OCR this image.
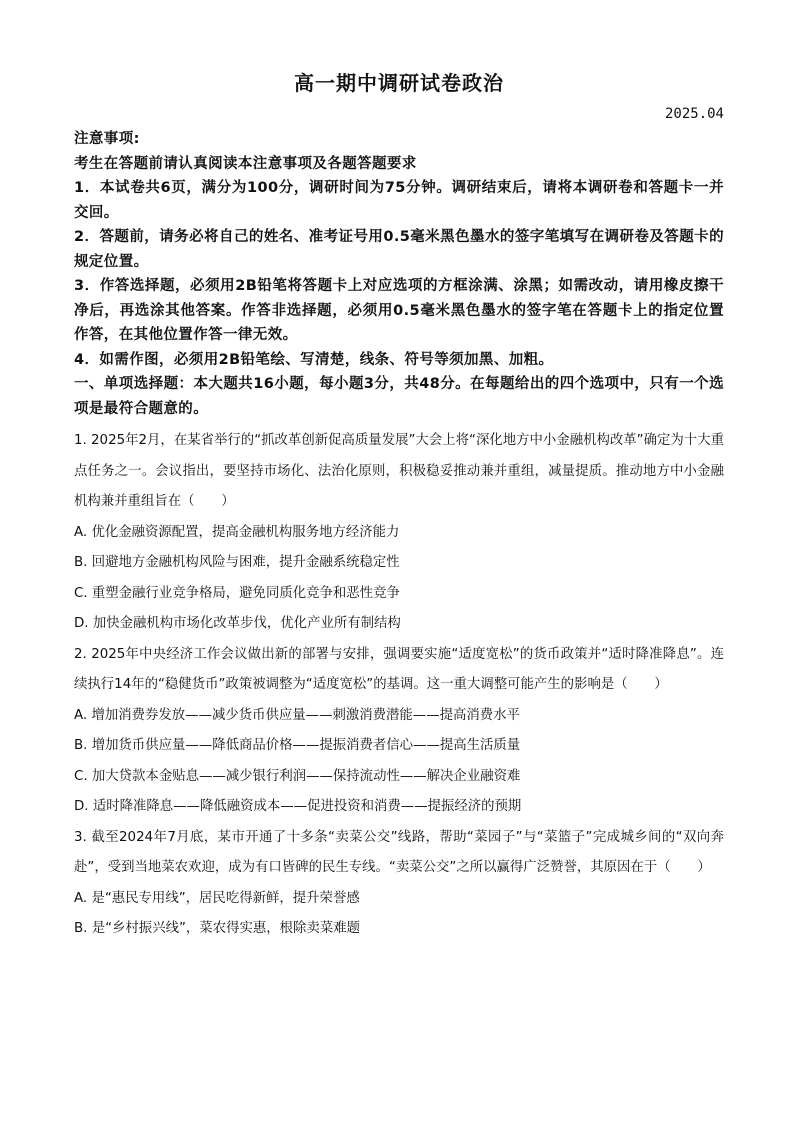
高一期中调研试卷政治
2025.04

注意事项:

考生在答题前请认真阅读本注意事项及各题答题要求

1．本试卷共6页，满分为100分，调研时间为75分钟。调研结束后，请将本调研卷和答题卡一并交回。

2．答题前，请务必将自己的姓名、准考证号用0.5毫米黑色墨水的签字笔填写在调研卷及答题卡的规定位置。

3．作答选择题，必须用2B铅笔将答题卡上对应选项的方框涂满、涂黑；如需改动，请用橡皮擦干净后，再选涂其他答案。作答非选择题，必须用0.5毫米黑色墨水的签字笔在答题卡上的指定位置作答，在其他位置作答一律无效。

4．如需作图，必须用2B铅笔绘、写清楚，线条、符号等须加黑、加粗。

一、单项选择题：本大题共16小题，每小题3分，共48分。在每题给出的四个选项中，只有一个选项是最符合题意的。

1. 2025年2月，在某省举行的“抓改革创新促高质量发展”大会上将“深化地方中小金融机构改革”确定为十大重点任务之一。会议指出，要坚持市场化、法治化原则，积极稳妥推动兼并重组，减量提质。推动地方中小金融机构兼并重组旨在（　　）

A. 优化金融资源配置，提高金融机构服务地方经济能力

B. 回避地方金融机构风险与困难，提升金融系统稳定性

C. 重塑金融行业竞争格局，避免同质化竞争和恶性竞争

D. 加快金融机构市场化改革步伐，优化产业所有制结构

2. 2025年中央经济工作会议做出新的部署与安排，强调要实施“适度宽松”的货币政策并“适时降准降息”。连续执行14年的“稳健货币”政策被调整为“适度宽松”的基调。这一重大调整可能产生的影响是（　　）

A. 增加消费券发放——减少货币供应量——刺激消费潜能——提高消费水平

B. 增加货币供应量——降低商品价格——提振消费者信心——提高生活质量

C. 加大贷款本金贴息——减少银行利润——保持流动性——解决企业融资难

D. 适时降准降息——降低融资成本——促进投资和消费——提振经济的预期

3. 截至2024年7月底，某市开通了十多条“卖菜公交”线路，帮助“菜园子”与“菜篮子”完成城乡间的“双向奔赴”，受到当地菜农欢迎，成为有口皆碑的民生专线。“卖菜公交”之所以赢得广泛赞誉，其原因在于（　　）

A. 是“惠民专用线”，居民吃得新鲜，提升荣誉感

B. 是“乡村振兴线”，菜农得实惠，根除卖菜难题
